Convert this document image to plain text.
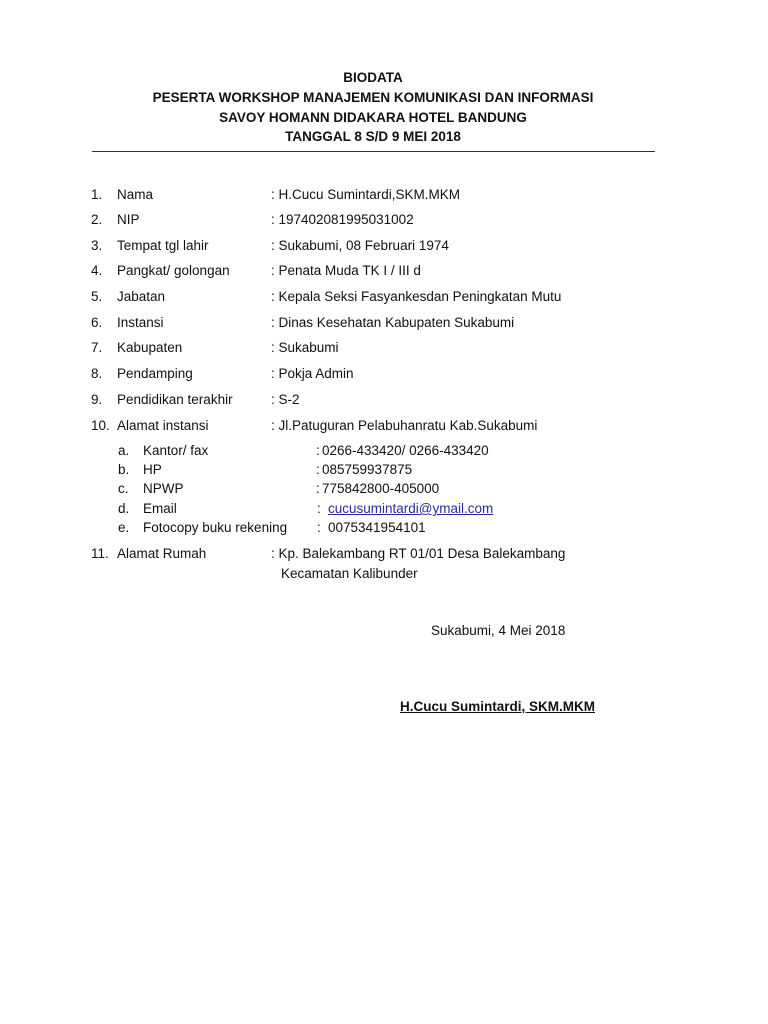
BIODATA
PESERTA WORKSHOP MANAJEMEN KOMUNIKASI DAN INFORMASI
SAVOY HOMANN DIDAKARA HOTEL BANDUNG
TANGGAL 8 S/D 9 MEI 2018
1. Nama	: H.Cucu Sumintardi,SKM.MKM
2. NIP	: 197402081995031002
3. Tempat tgl lahir	: Sukabumi, 08 Februari 1974
4. Pangkat/ golongan	: Penata Muda TK I / III d
5. Jabatan	: Kepala Seksi Fasyankesdan Peningkatan Mutu
6. Instansi	: Dinas Kesehatan Kabupaten Sukabumi
7. Kabupaten	: Sukabumi
8. Pendamping	: Pokja Admin
9. Pendidikan terakhir	: S-2
10. Alamat instansi	: Jl.Patuguran Pelabuhanratu Kab.Sukabumi
a. Kantor/ fax	: 0266-433420/ 0266-433420
b. HP	: 085759937875
c. NPWP	: 775842800-405000
d. Email	: cucusumintardi@ymail.com
e. Fotocopy buku rekening : 0075341954101
11. Alamat Rumah	: Kp. Balekambang RT 01/01 Desa Balekambang
Kecamatan Kalibunder
Sukabumi, 4 Mei 2018
H.Cucu Sumintardi, SKM.MKM
